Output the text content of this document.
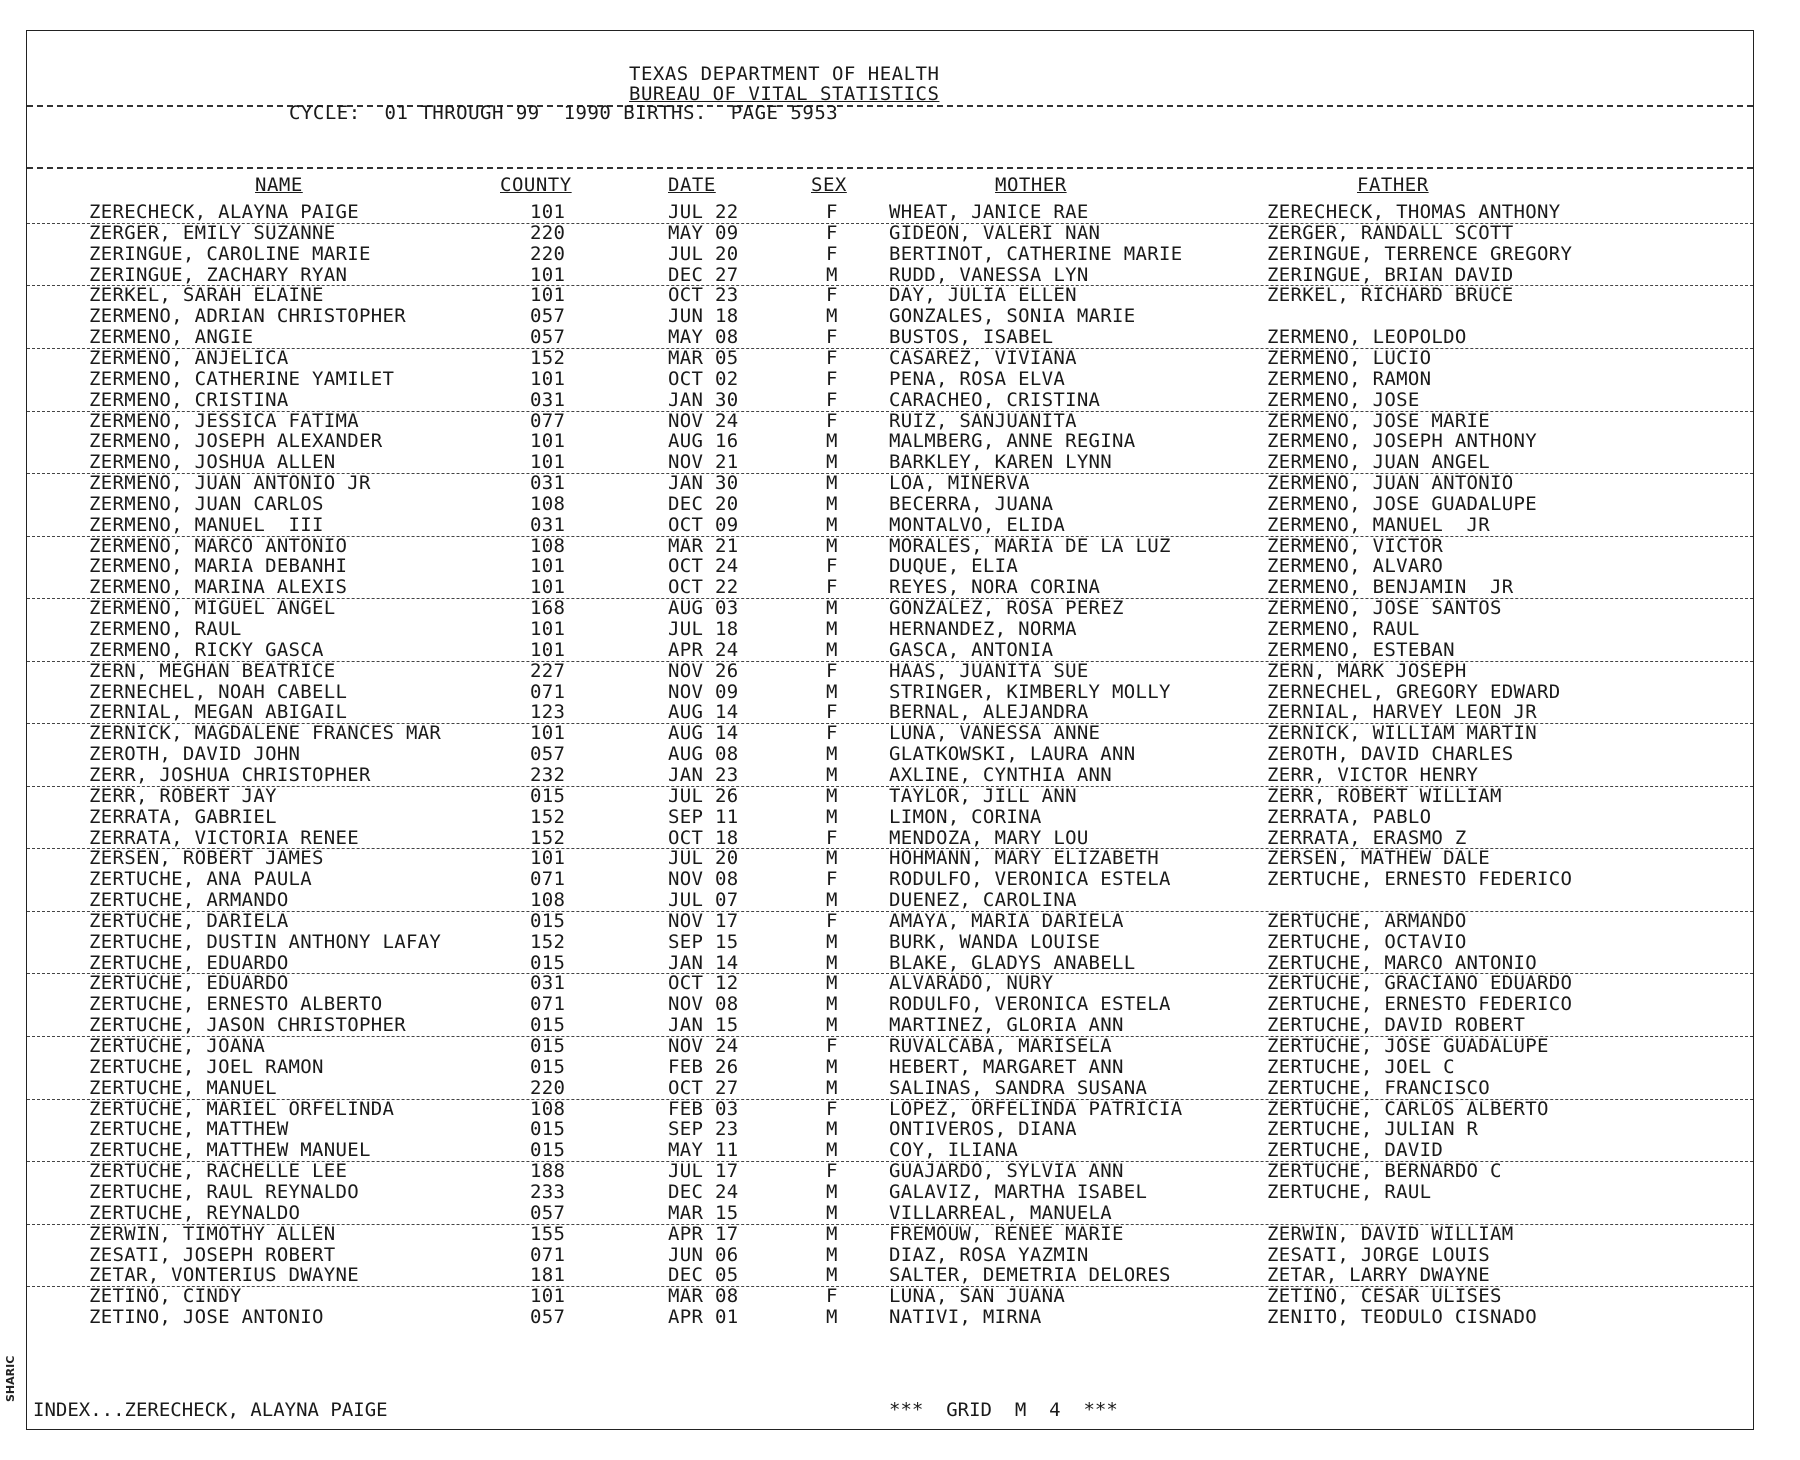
SHARIC
TEXAS DEPARTMENT OF HEALTH
BUREAU OF VITAL STATISTICS
CYCLE:  01 THROUGH 99  1990 BIRTHS.  PAGE 5953
NAME	COUNTY	DATE	SEX	MOTHER	FATHER
ZERECHECK, ALAYNA PAIGE	101	JUL 22	F	WHEAT, JANICE RAE	ZERECHECK, THOMAS ANTHONY
ZERGER, EMILY SUZANNE	220	MAY 09	F	GIDEON, VALERI NAN	ZERGER, RANDALL SCOTT
ZERINGUE, CAROLINE MARIE	220	JUL 20	F	BERTINOT, CATHERINE MARIE	ZERINGUE, TERRENCE GREGORY
ZERINGUE, ZACHARY RYAN	101	DEC 27	M	RUDD, VANESSA LYN	ZERINGUE, BRIAN DAVID
ZERKEL, SARAH ELAINE	101	OCT 23	F	DAY, JULIA ELLEN	ZERKEL, RICHARD BRUCE
ZERMENO, ADRIAN CHRISTOPHER	057	JUN 18	M	GONZALES, SONIA MARIE
ZERMENO, ANGIE	057	MAY 08	F	BUSTOS, ISABEL	ZERMENO, LEOPOLDO
ZERMENO, ANJELICA	152	MAR 05	F	CASAREZ, VIVIANA	ZERMENO, LUCIO
ZERMENO, CATHERINE YAMILET	101	OCT 02	F	PENA, ROSA ELVA	ZERMENO, RAMON
ZERMENO, CRISTINA	031	JAN 30	F	CARACHEO, CRISTINA	ZERMENO, JOSE
ZERMENO, JESSICA FATIMA	077	NOV 24	F	RUIZ, SANJUANITA	ZERMENO, JOSE MARIE
ZERMENO, JOSEPH ALEXANDER	101	AUG 16	M	MALMBERG, ANNE REGINA	ZERMENO, JOSEPH ANTHONY
ZERMENO, JOSHUA ALLEN	101	NOV 21	M	BARKLEY, KAREN LYNN	ZERMENO, JUAN ANGEL
ZERMENO, JUAN ANTONIO JR	031	JAN 30	M	LOA, MINERVA	ZERMENO, JUAN ANTONIO
ZERMENO, JUAN CARLOS	108	DEC 20	M	BECERRA, JUANA	ZERMENO, JOSE GUADALUPE
ZERMENO, MANUEL  III	031	OCT 09	M	MONTALVO, ELIDA	ZERMENO, MANUEL  JR
ZERMENO, MARCO ANTONIO	108	MAR 21	M	MORALES, MARIA DE LA LUZ	ZERMENO, VICTOR
ZERMENO, MARIA DEBANHI	101	OCT 24	F	DUQUE, ELIA	ZERMENO, ALVARO
ZERMENO, MARINA ALEXIS	101	OCT 22	F	REYES, NORA CORINA	ZERMENO, BENJAMIN  JR
ZERMENO, MIGUEL ANGEL	168	AUG 03	M	GONZALEZ, ROSA PEREZ	ZERMENO, JOSE SANTOS
ZERMENO, RAUL	101	JUL 18	M	HERNANDEZ, NORMA	ZERMENO, RAUL
ZERMENO, RICKY GASCA	101	APR 24	M	GASCA, ANTONIA	ZERMENO, ESTEBAN
ZERN, MEGHAN BEATRICE	227	NOV 26	F	HAAS, JUANITA SUE	ZERN, MARK JOSEPH
ZERNECHEL, NOAH CABELL	071	NOV 09	M	STRINGER, KIMBERLY MOLLY	ZERNECHEL, GREGORY EDWARD
ZERNIAL, MEGAN ABIGAIL	123	AUG 14	F	BERNAL, ALEJANDRA	ZERNIAL, HARVEY LEON JR
ZERNICK, MAGDALENE FRANCES MAR	101	AUG 14	F	LUNA, VANESSA ANNE	ZERNICK, WILLIAM MARTIN
ZEROTH, DAVID JOHN	057	AUG 08	M	GLATKOWSKI, LAURA ANN	ZEROTH, DAVID CHARLES
ZERR, JOSHUA CHRISTOPHER	232	JAN 23	M	AXLINE, CYNTHIA ANN	ZERR, VICTOR HENRY
ZERR, ROBERT JAY	015	JUL 26	M	TAYLOR, JILL ANN	ZERR, ROBERT WILLIAM
ZERRATA, GABRIEL	152	SEP 11	M	LIMON, CORINA	ZERRATA, PABLO
ZERRATA, VICTORIA RENEE	152	OCT 18	F	MENDOZA, MARY LOU	ZERRATA, ERASMO Z
ZERSEN, ROBERT JAMES	101	JUL 20	M	HOHMANN, MARY ELIZABETH	ZERSEN, MATHEW DALE
ZERTUCHE, ANA PAULA	071	NOV 08	F	RODULFO, VERONICA ESTELA	ZERTUCHE, ERNESTO FEDERICO
ZERTUCHE, ARMANDO	108	JUL 07	M	DUENEZ, CAROLINA
ZERTUCHE, DARIELA	015	NOV 17	F	AMAYA, MARIA DARIELA	ZERTUCHE, ARMANDO
ZERTUCHE, DUSTIN ANTHONY LAFAY	152	SEP 15	M	BURK, WANDA LOUISE	ZERTUCHE, OCTAVIO
ZERTUCHE, EDUARDO	015	JAN 14	M	BLAKE, GLADYS ANABELL	ZERTUCHE, MARCO ANTONIO
ZERTUCHE, EDUARDO	031	OCT 12	M	ALVARADO, NURY	ZERTUCHE, GRACIANO EDUARDO
ZERTUCHE, ERNESTO ALBERTO	071	NOV 08	M	RODULFO, VERONICA ESTELA	ZERTUCHE, ERNESTO FEDERICO
ZERTUCHE, JASON CHRISTOPHER	015	JAN 15	M	MARTINEZ, GLORIA ANN	ZERTUCHE, DAVID ROBERT
ZERTUCHE, JOANA	015	NOV 24	F	RUVALCABA, MARISELA	ZERTUCHE, JOSE GUADALUPE
ZERTUCHE, JOEL RAMON	015	FEB 26	M	HEBERT, MARGARET ANN	ZERTUCHE, JOEL C
ZERTUCHE, MANUEL	220	OCT 27	M	SALINAS, SANDRA SUSANA	ZERTUCHE, FRANCISCO
ZERTUCHE, MARIEL ORFELINDA	108	FEB 03	F	LOPEZ, ORFELINDA PATRICIA	ZERTUCHE, CARLOS ALBERTO
ZERTUCHE, MATTHEW	015	SEP 23	M	ONTIVEROS, DIANA	ZERTUCHE, JULIAN R
ZERTUCHE, MATTHEW MANUEL	015	MAY 11	M	COY, ILIANA	ZERTUCHE, DAVID
ZERTUCHE, RACHELLE LEE	188	JUL 17	F	GUAJARDO, SYLVIA ANN	ZERTUCHE, BERNARDO C
ZERTUCHE, RAUL REYNALDO	233	DEC 24	M	GALAVIZ, MARTHA ISABEL	ZERTUCHE, RAUL
ZERTUCHE, REYNALDO	057	MAR 15	M	VILLARREAL, MANUELA
ZERWIN, TIMOTHY ALLEN	155	APR 17	M	FREMOUW, RENEE MARIE	ZERWIN, DAVID WILLIAM
ZESATI, JOSEPH ROBERT	071	JUN 06	M	DIAZ, ROSA YAZMIN	ZESATI, JORGE LOUIS
ZETAR, VONTERIUS DWAYNE	181	DEC 05	M	SALTER, DEMETRIA DELORES	ZETAR, LARRY DWAYNE
ZETINO, CINDY	101	MAR 08	F	LUNA, SAN JUANA	ZETINO, CESAR ULISES
ZETINO, JOSE ANTONIO	057	APR 01	M	NATIVI, MIRNA	ZENITO, TEODULO CISNADO
INDEX...ZERECHECK, ALAYNA PAIGE	***  GRID  M  4  ***
